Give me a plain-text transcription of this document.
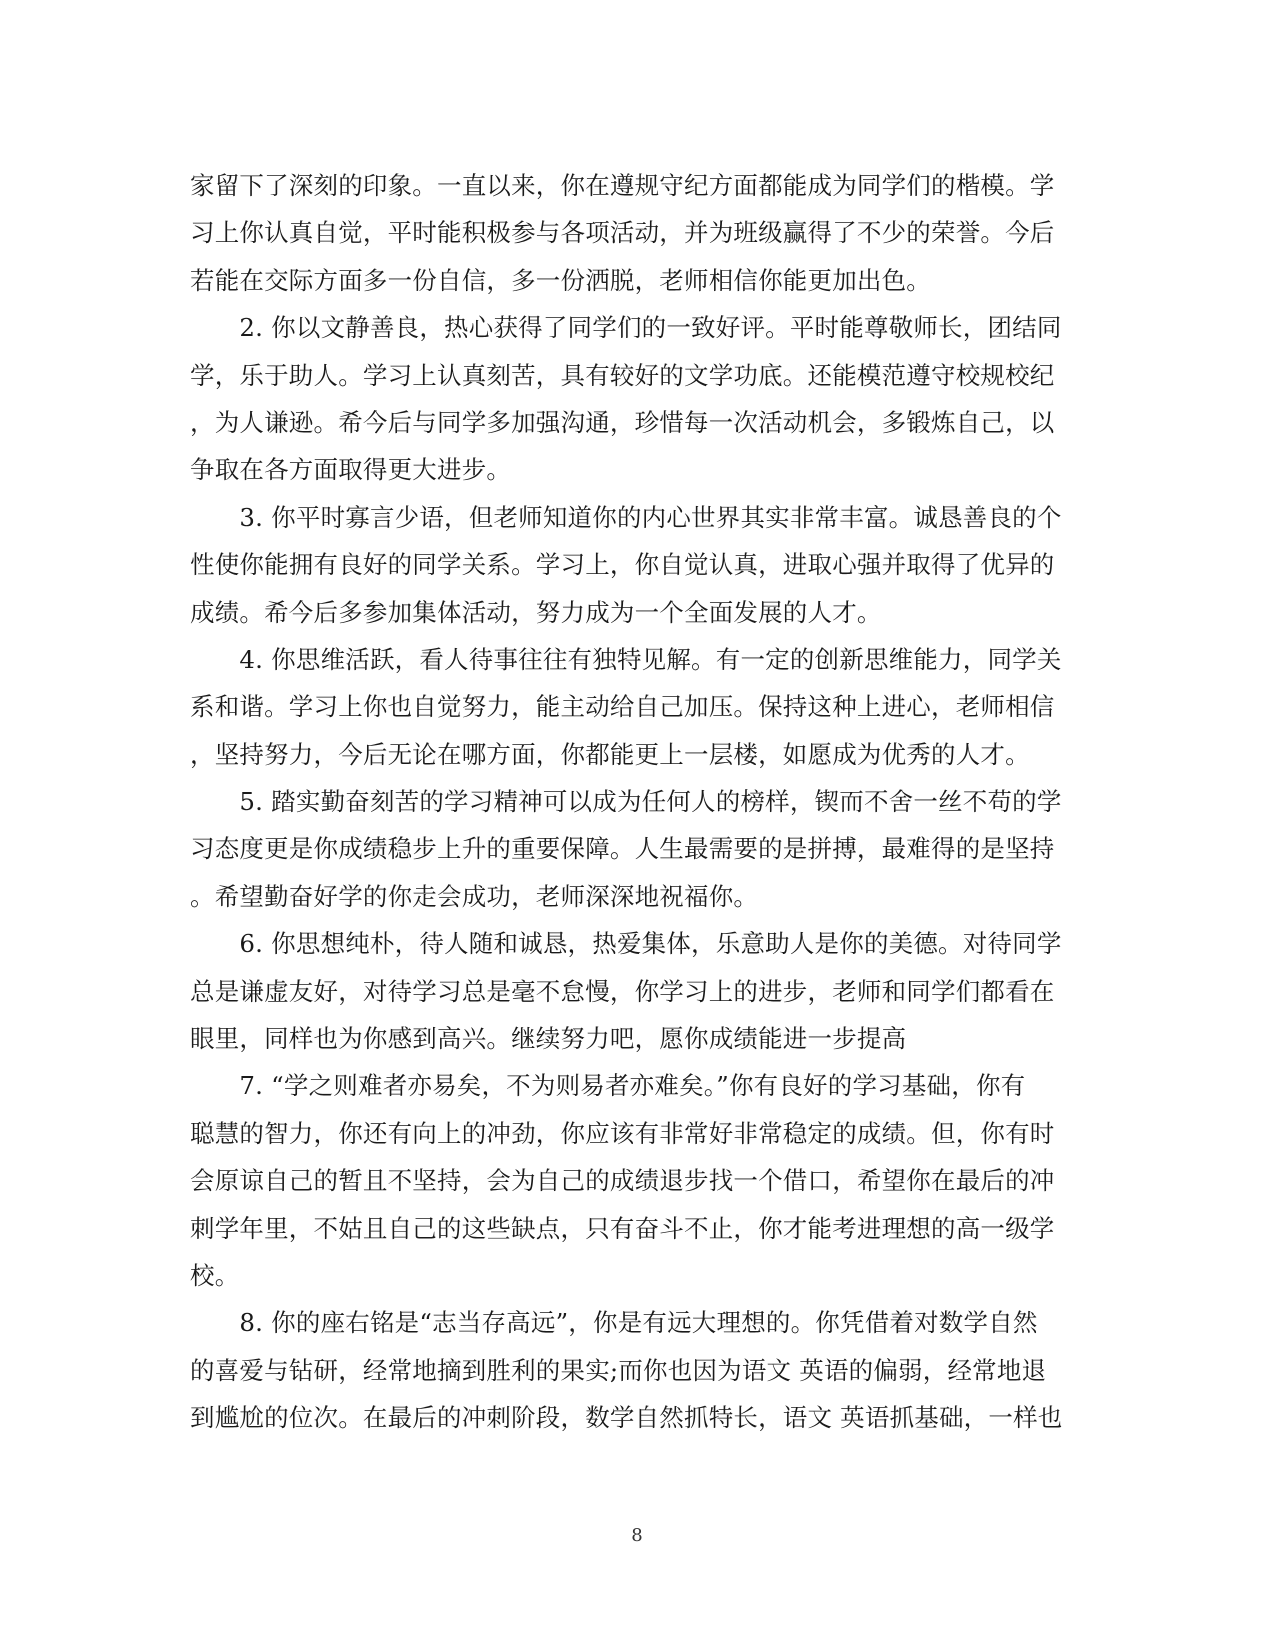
家留下了深刻的印象。一直以来，你在遵规守纪方面都能成为同学们的楷模。学
习上你认真自觉，平时能积极参与各项活动，并为班级赢得了不少的荣誉。今后
若能在交际方面多一份自信，多一份洒脱，老师相信你能更加出色。
　　2. 你以文静善良，热心获得了同学们的一致好评。平时能尊敬师长，团结同
学，乐于助人。学习上认真刻苦，具有较好的文学功底。还能模范遵守校规校纪
，为人谦逊。希今后与同学多加强沟通，珍惜每一次活动机会，多锻炼自己，以
争取在各方面取得更大进步。
　　3. 你平时寡言少语，但老师知道你的内心世界其实非常丰富。诚恳善良的个
性使你能拥有良好的同学关系。学习上，你自觉认真，进取心强并取得了优异的
成绩。希今后多参加集体活动，努力成为一个全面发展的人才。
　　4. 你思维活跃，看人待事往往有独特见解。有一定的创新思维能力，同学关
系和谐。学习上你也自觉努力，能主动给自己加压。保持这种上进心，老师相信
，坚持努力，今后无论在哪方面，你都能更上一层楼，如愿成为优秀的人才。
　　5. 踏实勤奋刻苦的学习精神可以成为任何人的榜样，锲而不舍一丝不苟的学
习态度更是你成绩稳步上升的重要保障。人生最需要的是拼搏，最难得的是坚持
。希望勤奋好学的你走会成功，老师深深地祝福你。
　　6. 你思想纯朴，待人随和诚恳，热爱集体，乐意助人是你的美德。对待同学
总是谦虚友好，对待学习总是毫不怠慢，你学习上的进步，老师和同学们都看在
眼里，同样也为你感到高兴。继续努力吧，愿你成绩能进一步提高
　　7. “学之则难者亦易矣，不为则易者亦难矣。”你有良好的学习基础，你有
聪慧的智力，你还有向上的冲劲，你应该有非常好非常稳定的成绩。但，你有时
会原谅自己的暂且不坚持，会为自己的成绩退步找一个借口，希望你在最后的冲
刺学年里，不姑且自己的这些缺点，只有奋斗不止，你才能考进理想的高一级学
校。
　　8. 你的座右铭是“志当存高远”，你是有远大理想的。你凭借着对数学自然
的喜爱与钻研，经常地摘到胜利的果实;而你也因为语文 英语的偏弱，经常地退
到尴尬的位次。在最后的冲刺阶段，数学自然抓特长，语文 英语抓基础，一样也
8
